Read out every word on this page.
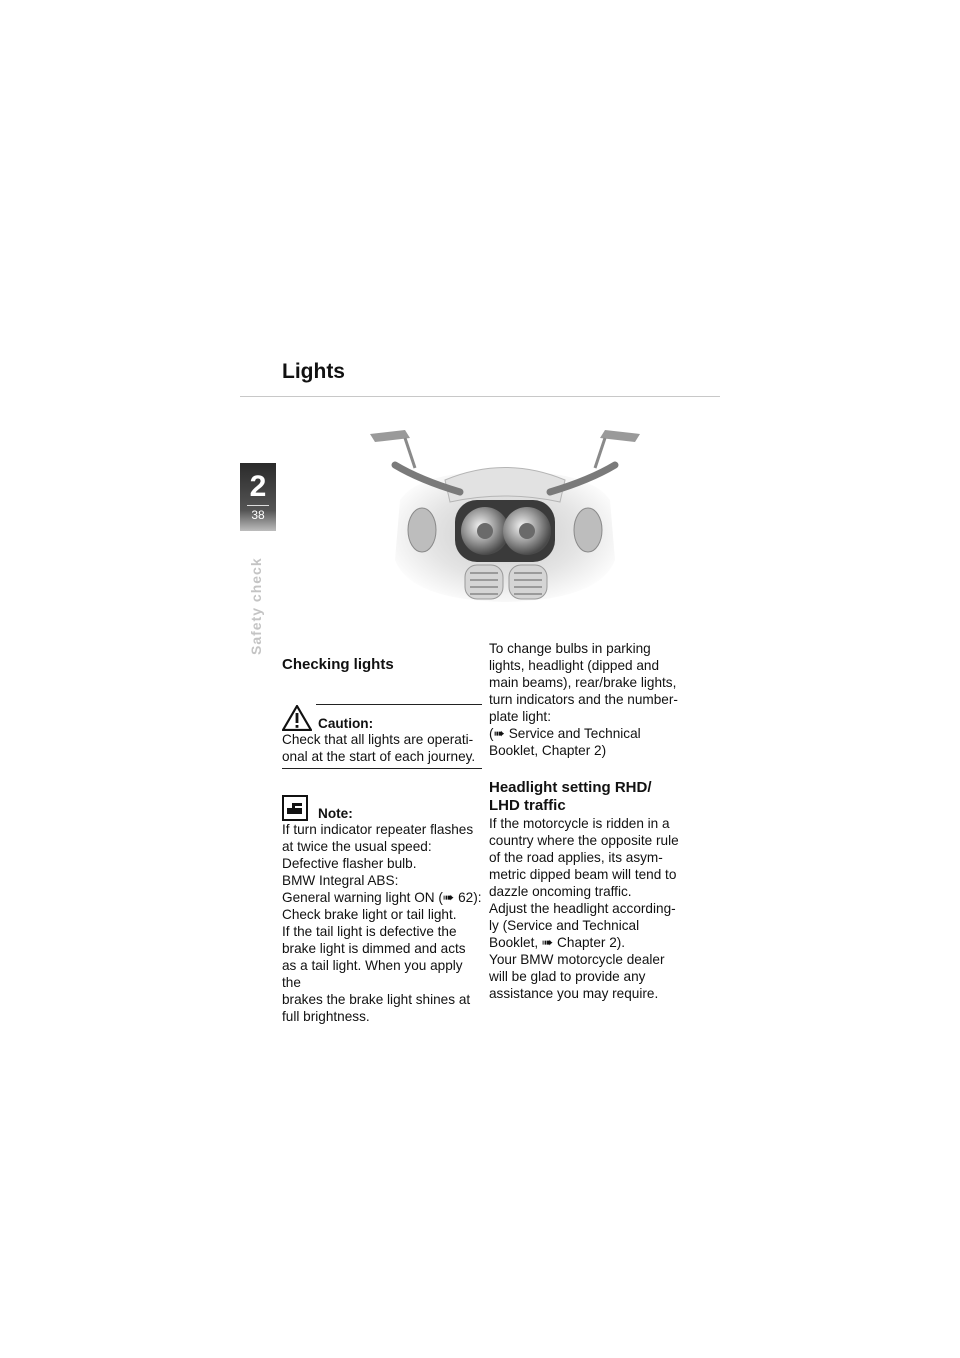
Lights
2
38
Safety check
Checking lights
Caution:

Check that all lights are operati-

onal at the start of each journey.

Note:

If turn indicator repeater flashes

at twice the usual speed:

Defective flasher bulb.

BMW Integral ABS:

General warning light ON (➠ 62):

Check brake light or tail light.

If the tail light is defective the

brake light is dimmed and acts

as a tail light. When you apply the

brakes the brake light shines at

full brightness.

To change bulbs in parking

lights, headlight (dipped and

main beams), rear/brake lights,

turn indicators and the number-

plate light:

(➠ Service and Technical

Booklet, Chapter 2)

Headlight setting RHD/
LHD traffic

If the motorcycle is ridden in a

country where the opposite rule

of the road applies, its asym-

metric dipped beam will tend to

dazzle oncoming traffic.

Adjust the headlight according-

ly (Service and Technical

Booklet, ➠ Chapter 2).

Your BMW motorcycle dealer

will be glad to provide any

assistance you may require.
